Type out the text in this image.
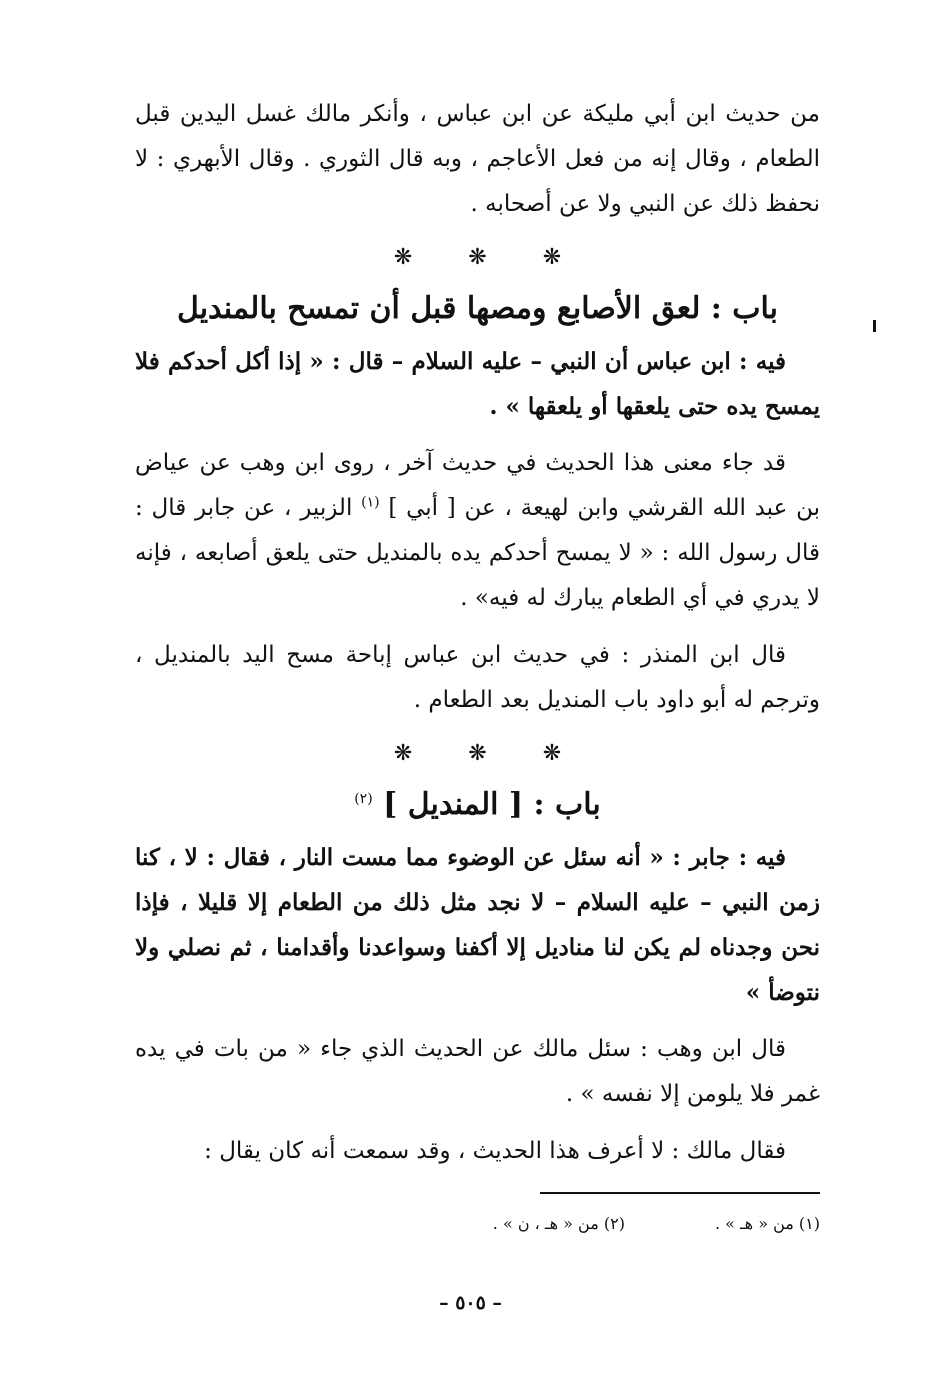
من حديث ابن أبي مليكة عن ابن عباس ، وأنكر مالك غسل اليدين قبل الطعام ، وقال إنه من فعل الأعاجم ، وبه قال الثوري . وقال الأبهري : لا نحفظ ذلك عن النبي ولا عن أصحابه .

❋	❋	❋
باب : لعق الأصابع ومصها قبل أن تمسح بالمنديل

فيه : ابن عباس أن النبي – عليه السلام – قال : « إذا أكل أحدكم فلا يمسح يده حتى يلعقها أو يلعقها » .

قد جاء معنى هذا الحديث في حديث آخر ، روى ابن وهب عن عياض بن عبد الله القرشي وابن لهيعة ، عن [ أبي ] $^{(١)}$ الزبير ، عن جابر قال : قال رسول الله : « لا يمسح أحدكم يده بالمنديل حتى يلعق أصابعه ، فإنه لا يدري في أي الطعام يبارك له فيه» .

قال ابن المنذر : في حديث ابن عباس إباحة مسح اليد بالمنديل ، وترجم له أبو داود باب المنديل بعد الطعام .

❋	❋	❋
باب : [ المنديل ] $^{(٢)}$

فيه : جابر : « أنه سئل عن الوضوء مما مست النار ، فقال : لا ، كنا زمن النبي – عليه السلام – لا نجد مثل ذلك من الطعام إلا قليلا ، فإذا نحن وجدناه لم يكن لنا مناديل إلا أكفنا وسواعدنا وأقدامنا ، ثم نصلي ولا نتوضأ »

قال ابن وهب : سئل مالك عن الحديث الذي جاء « من بات في يده غمر فلا يلومن إلا نفسه » .

فقال مالك : لا أعرف هذا الحديث ، وقد سمعت أنه كان يقال :

(١) من « هـ » .(٢) من « هـ ، ن » .
– ٥٠٥ –
